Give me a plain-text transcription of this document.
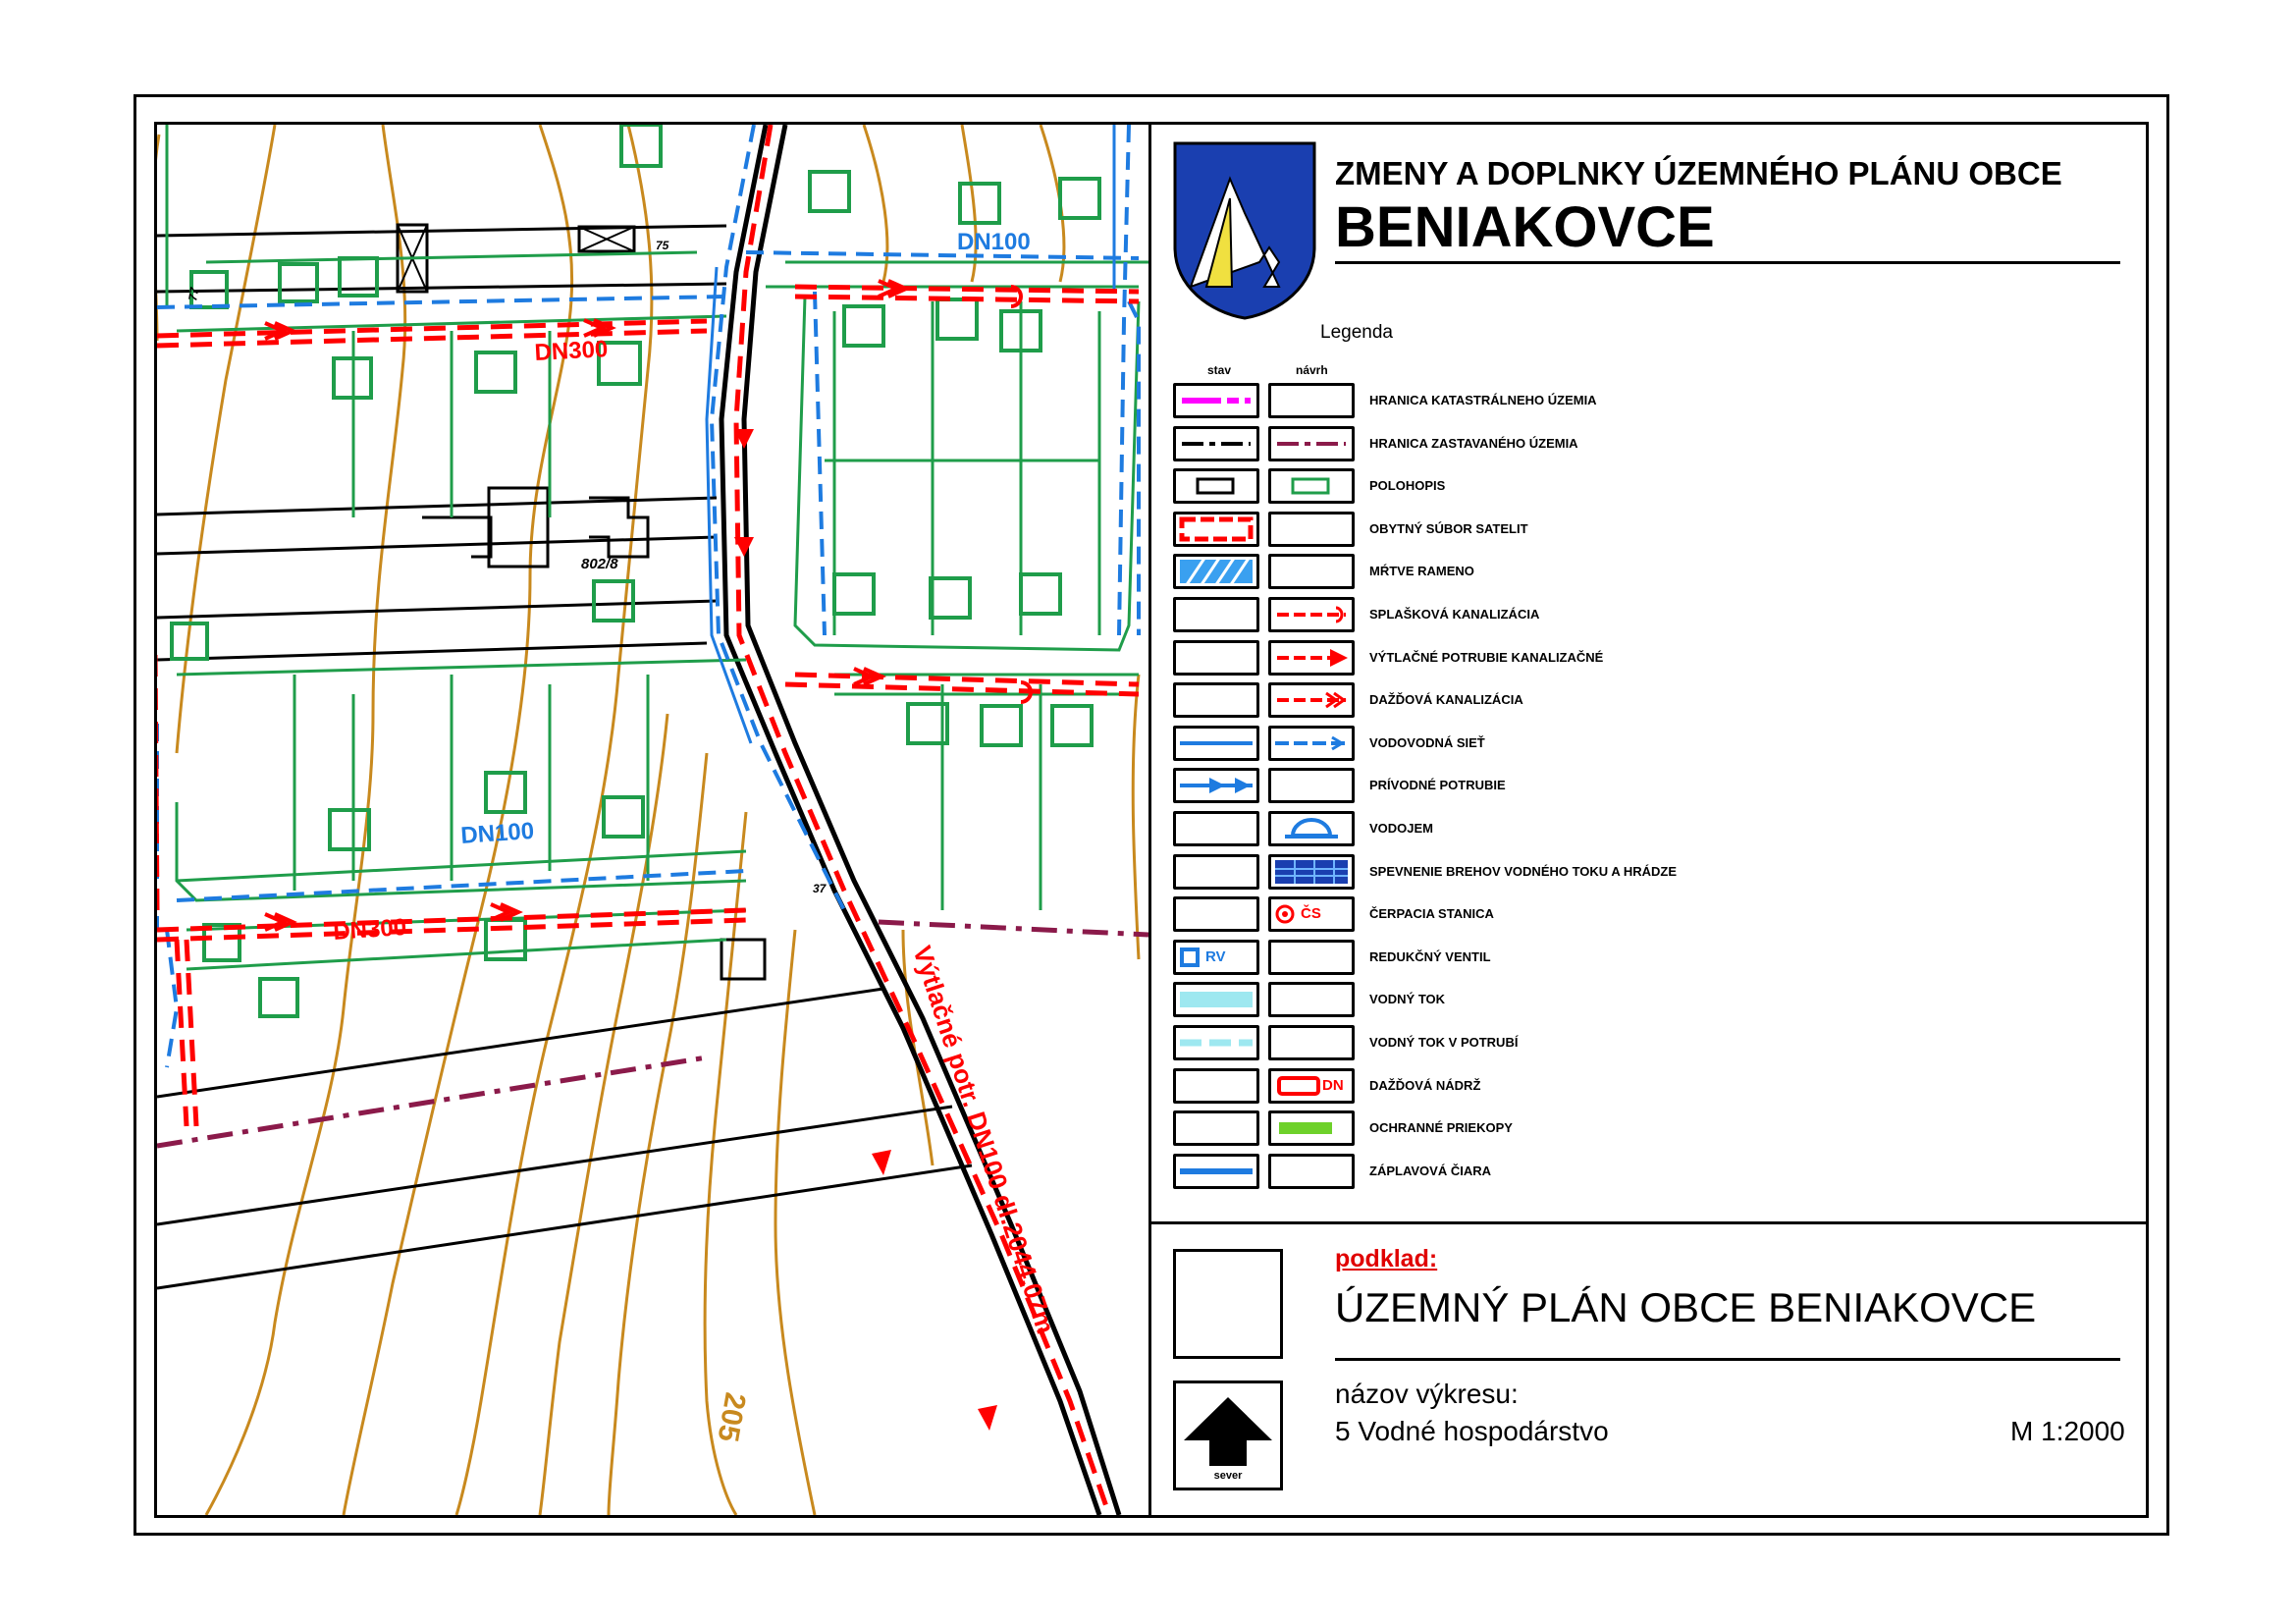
205
DN100
DN300
DN100
DN300
802/8
75
77
37
Výtlačné potr. DN100 dl.2044.07m
ZMENY A DOPLNKY ÚZEMNÉHO PLÁNU OBCE
BENIAKOVCE
Legenda
stav	návrh
HRANICA KATASTRÁLNEHO ÚZEMIA
HRANICA ZASTAVANÉHO ÚZEMIA
POLOHOPIS
OBYTNÝ SÚBOR SATELIT
MŔTVE RAMENO
SPLAŠKOVÁ KANALIZÁCIA
VÝTLAČNÉ POTRUBIE KANALIZAČNÉ
DAŽĎOVÁ KANALIZÁCIA
VODOVODNÁ SIEŤ
PRÍVODNÉ POTRUBIE
VODOJEM
SPEVNENIE BREHOV VODNÉHO TOKU A HRÁDZE
ČS	ČERPACIA STANICA
RV	REDUKČNÝ VENTIL
VODNÝ TOK
VODNÝ TOK V POTRUBÍ
DN DAŽĎOVÁ NÁDRŽ
OCHRANNÉ PRIEKOPY
ZÁPLAVOVÁ ČIARA
sever
podklad:
ÚZEMNÝ PLÁN OBCE BENIAKOVCE
názov výkresu:
5 Vodné hospodárstvo	M 1:2000
